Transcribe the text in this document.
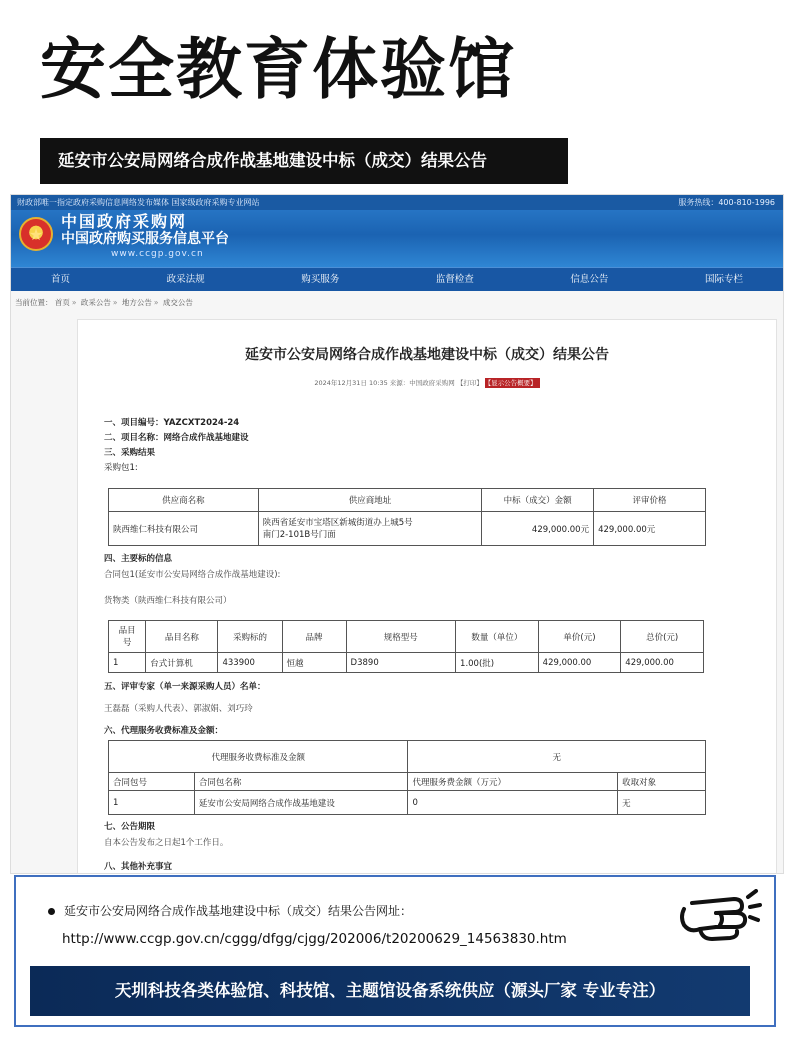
安全教育体验馆
延安市公安局网络合成作战基地建设中标（成交）结果公告
财政部唯一指定政府采购信息网络发布媒体 国家级政府采购专业网站	服务热线：400-810-1996
★
中国政府采购网
中国政府购买服务信息平台
www.ccgp.gov.cn
首页	政采法规	购买服务	监督检查	信息公告	国际专栏
当前位置： 首页 » 政采公告 » 地方公告 » 成交公告
延安市公安局网络合成作战基地建设中标（成交）结果公告
2024年12月31日 10:35 来源：中国政府采购网 【打印】 【显示公告概要】
一、项目编号：YAZCXT2024-24
二、项目名称：网络合成作战基地建设
三、采购结果
采购包1:
供应商名称	供应商地址	中标（成交）金额	评审价格
陕西维仁科技有限公司	陕西省延安市宝塔区新城街道办上城5号
南门2-101B号门面	429,000.00元	429,000.00元
四、主要标的信息
合同包1(延安市公安局网络合成作战基地建设):
货物类（陕西维仁科技有限公司）
品目
号	品目名称	采购标的	品牌	规格型号	数量（单位）	单价(元)	总价(元)
1	台式计算机	433900	恒越	D3890	1.00(批)	429,000.00	429,000.00
五、评审专家（单一来源采购人员）名单：
王磊磊（采购人代表）、郭淑娟、刘巧玲
六、代理服务收费标准及金额：
代理服务收费标准及金额		无	
合同包号	合同包名称	代理服务费金额（万元）	收取对象
1	延安市公安局网络合成作战基地建设	0	无
七、公告期限
自本公告发布之日起1个工作日。
八、其他补充事宜
延安市公安局网络合成作战基地建设中标（成交）结果公告网址：
http://www.ccgp.gov.cn/cggg/dfgg/cjgg/202006/t20200629_14563830.htm
天圳科技各类体验馆、科技馆、主题馆设备系统供应（源头厂家 专业专注）
